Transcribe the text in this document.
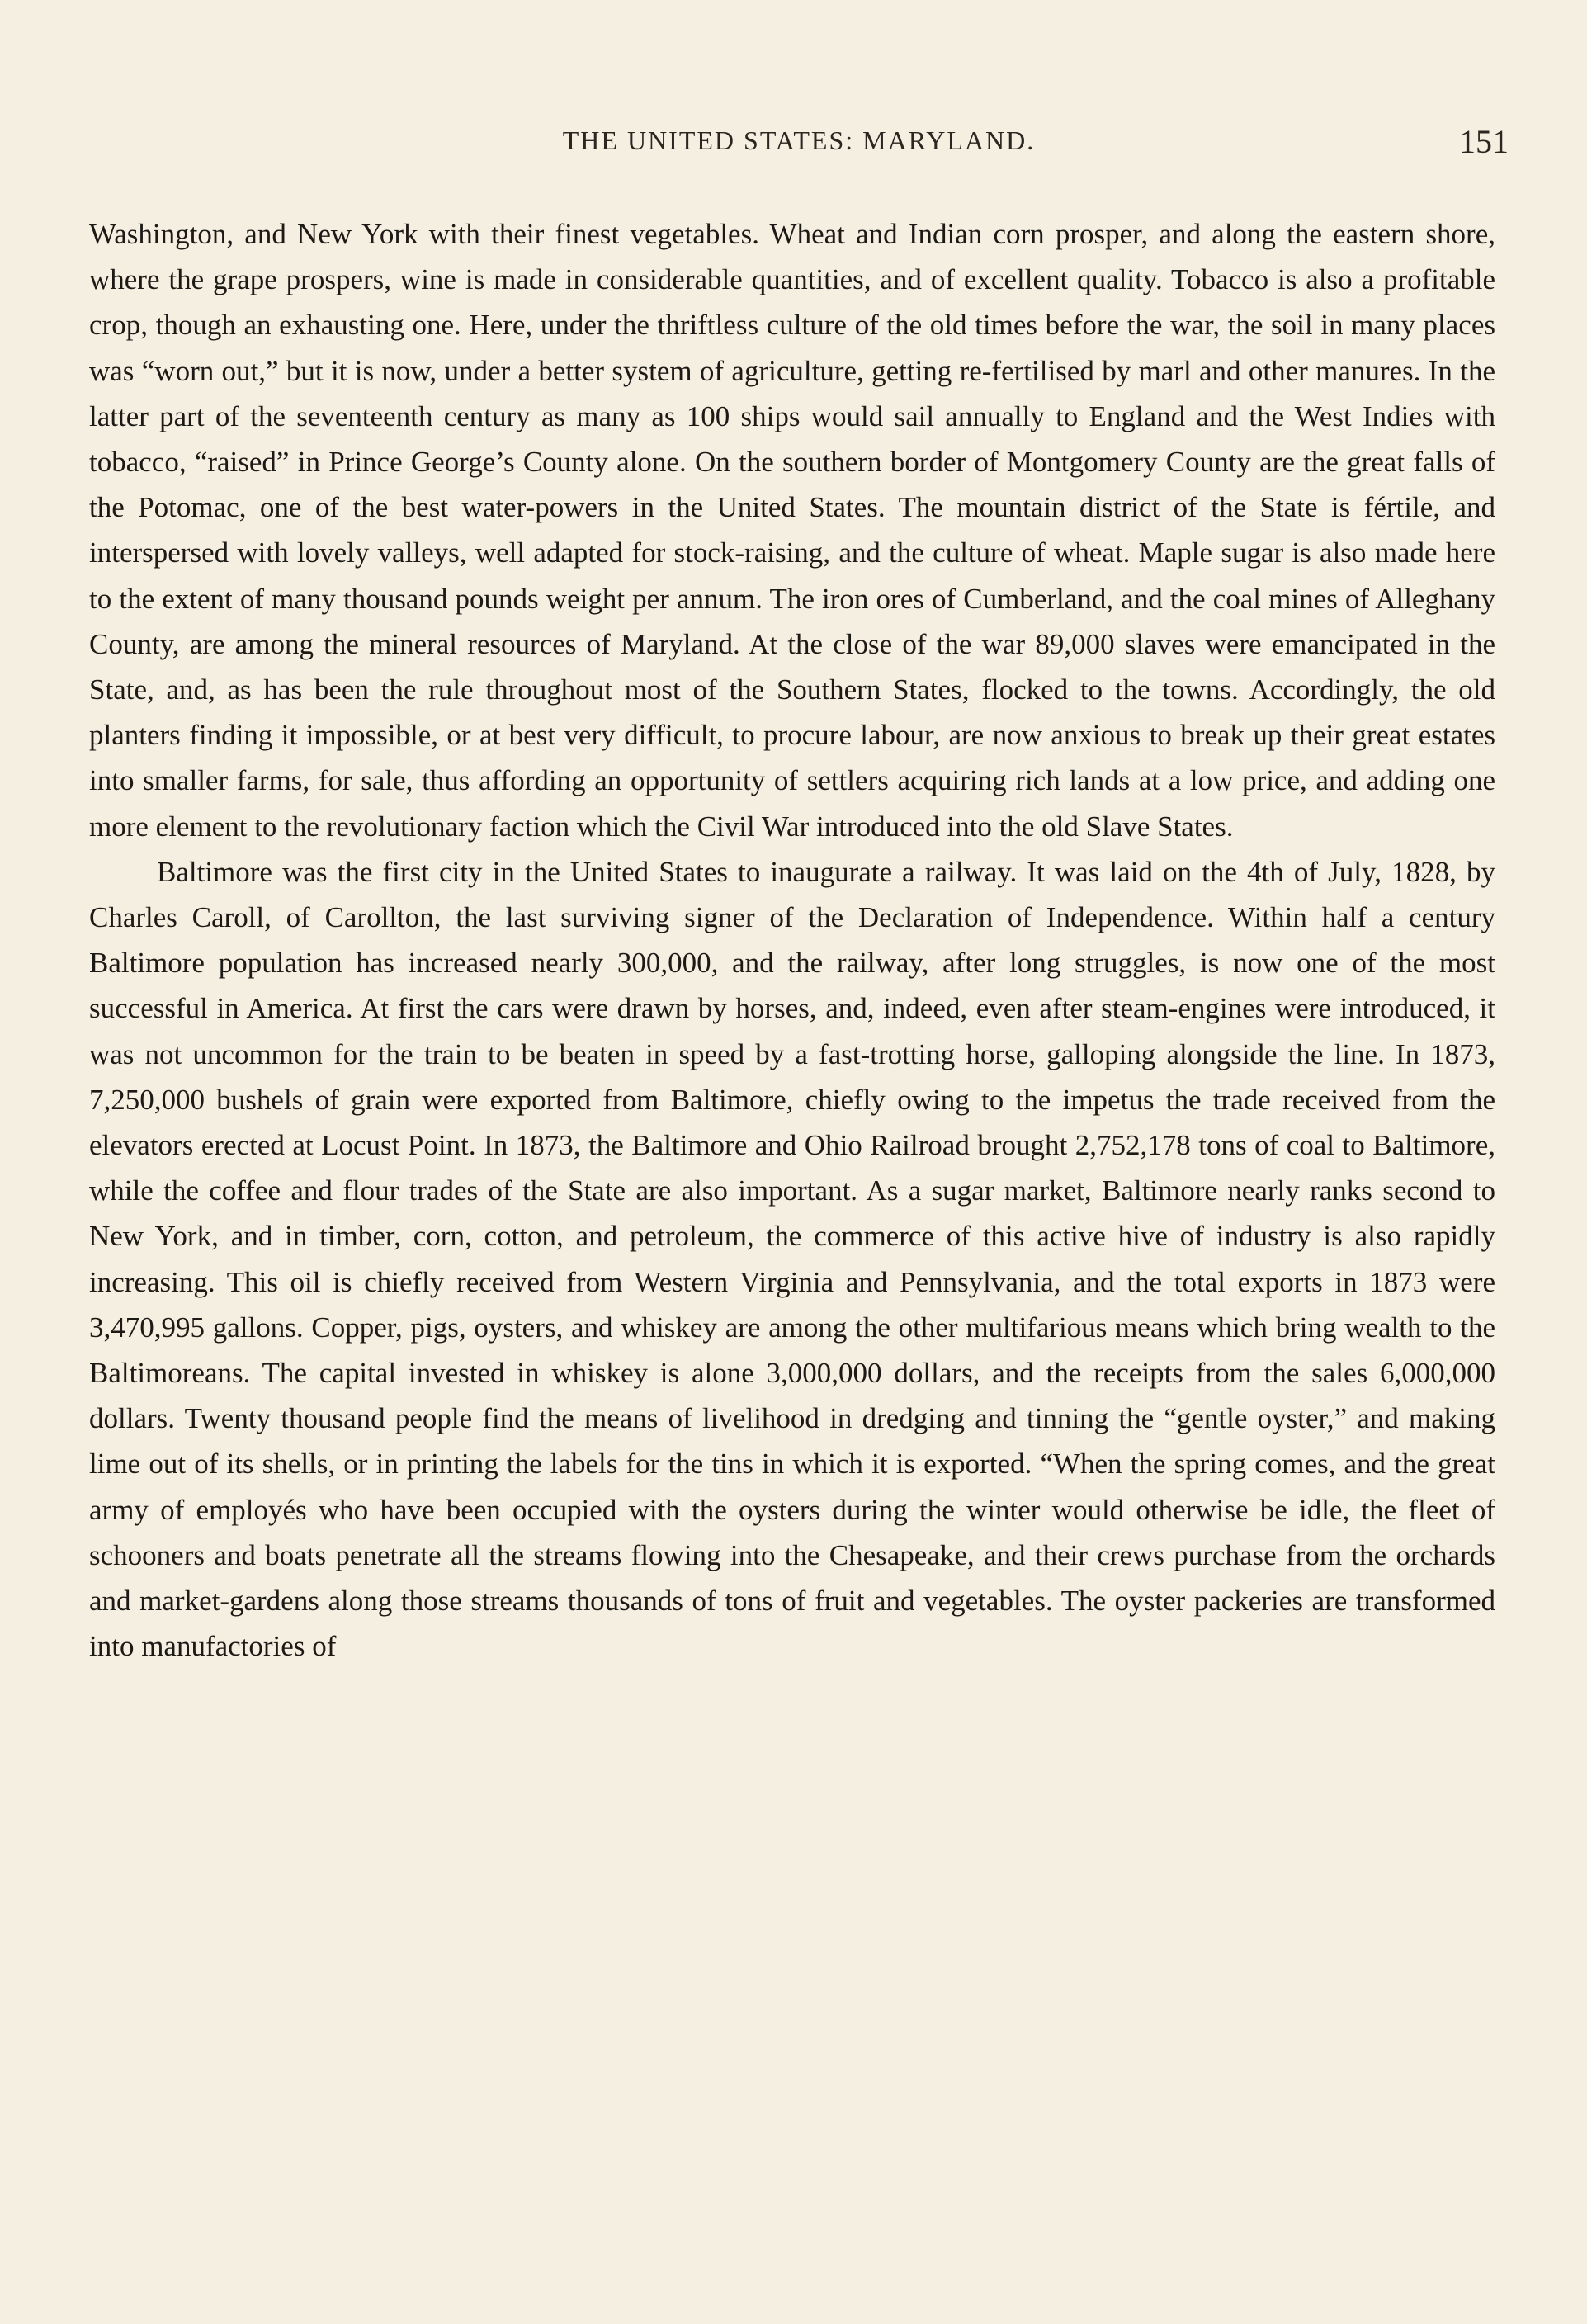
THE UNITED STATES: MARYLAND.	151

Washington, and New York with their finest vegetables. Wheat and Indian corn prosper, and along the eastern shore, where the grape prospers, wine is made in considerable quantities, and of excellent quality. Tobacco is also a profitable crop, though an exhausting one. Here, under the thriftless culture of the old times before the war, the soil in many places was “worn out,” but it is now, under a better system of agriculture, getting re-fertilised by marl and other manures. In the latter part of the seventeenth century as many as 100 ships would sail annually to England and the West Indies with tobacco, “raised” in Prince George’s County alone. On the southern border of Montgomery County are the great falls of the Potomac, one of the best water-powers in the United States. The mountain district of the State is fértile, and interspersed with lovely valleys, well adapted for stock-raising, and the culture of wheat. Maple sugar is also made here to the extent of many thousand pounds weight per annum. The iron ores of Cumberland, and the coal mines of Alleghany County, are among the mineral resources of Maryland. At the close of the war 89,000 slaves were emancipated in the State, and, as has been the rule throughout most of the Southern States, flocked to the towns. Accordingly, the old planters finding it impossible, or at best very difficult, to procure labour, are now anxious to break up their great estates into smaller farms, for sale, thus affording an opportunity of settlers acquiring rich lands at a low price, and adding one more element to the revolutionary faction which the Civil War introduced into the old Slave States.

Baltimore was the first city in the United States to inaugurate a railway. It was laid on the 4th of July, 1828, by Charles Caroll, of Carollton, the last surviving signer of the Declaration of Independence. Within half a century Baltimore population has increased nearly 300,000, and the railway, after long struggles, is now one of the most successful in America. At first the cars were drawn by horses, and, indeed, even after steam-engines were introduced, it was not uncommon for the train to be beaten in speed by a fast-trotting horse, galloping alongside the line. In 1873, 7,250,000 bushels of grain were exported from Baltimore, chiefly owing to the impetus the trade received from the elevators erected at Locust Point. In 1873, the Baltimore and Ohio Railroad brought 2,752,178 tons of coal to Baltimore, while the coffee and flour trades of the State are also important. As a sugar market, Baltimore nearly ranks second to New York, and in timber, corn, cotton, and petroleum, the commerce of this active hive of industry is also rapidly increasing. This oil is chiefly received from Western Virginia and Pennsylvania, and the total exports in 1873 were 3,470,995 gallons. Copper, pigs, oysters, and whiskey are among the other multifarious means which bring wealth to the Baltimoreans. The capital invested in whiskey is alone 3,000,000 dollars, and the receipts from the sales 6,000,000 dollars. Twenty thousand people find the means of livelihood in dredging and tinning the “gentle oyster,” and making lime out of its shells, or in printing the labels for the tins in which it is exported. “When the spring comes, and the great army of employés who have been occupied with the oysters during the winter would otherwise be idle, the fleet of schooners and boats penetrate all the streams flowing into the Chesapeake, and their crews purchase from the orchards and market-gardens along those streams thousands of tons of fruit and vegetables. The oyster packeries are transformed into manufactories of
